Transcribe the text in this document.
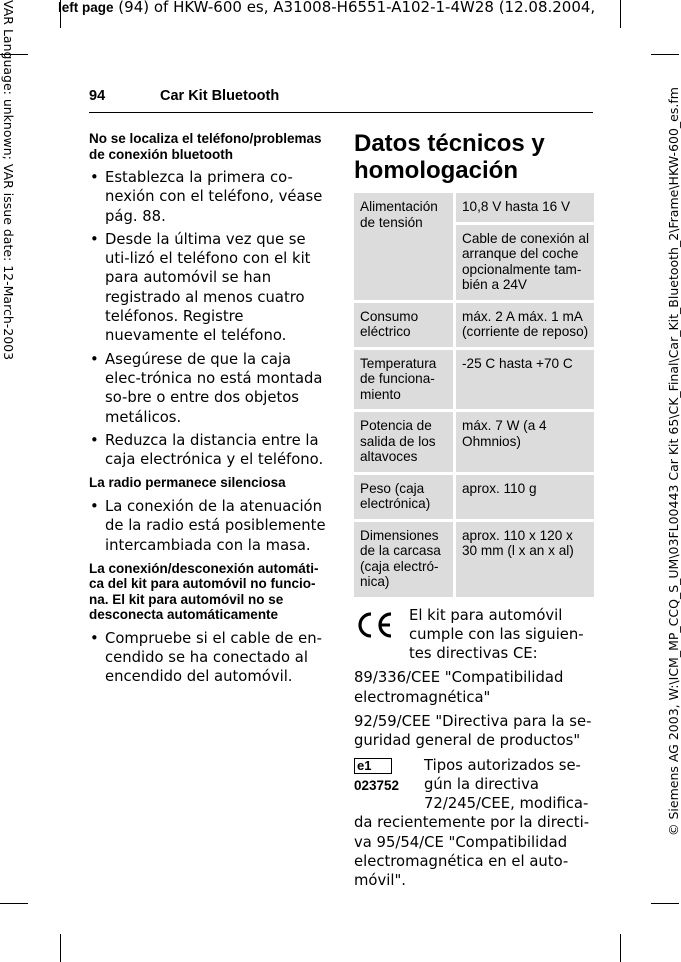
left page (94) of HKW-600 es, A31008-H6551-A102-1-4W28 (12.08.2004,
VAR Language: unknown; VAR issue date: 12-March-2003	© Siemens AG 2003, W:\ICM_MP_CCQ_S_UM\03FL00443 Car Kit 65\CK_Final\Car_Kit_Bluetooth_2\Frame\HKW-600_es.fm
94	Car Kit Bluetooth
No se localiza el teléfono/problemas de conexión bluetooth
• Establezca la primera co-nexión con el teléfono, véase pág. 88.
• Desde la última vez que se uti-lizó el teléfono con el kit para automóvil se han registrado al menos cuatro teléfonos. Registre nuevamente el teléfono.
• Asegúrese de que la caja elec-trónica no está montada so-bre o entre dos objetos metálicos.
• Reduzca la distancia entre la caja electrónica y el teléfono.
La radio permanece silenciosa
• La conexión de la atenuación de la radio está posiblemente intercambiada con la masa.
La conexión/desconexión automáti-ca del kit para automóvil no funcio-na. El kit para automóvil no se desconecta automáticamente
• Compruebe si el cable de en-cendido se ha conectado al encendido del automóvil.
Datos técnicos y homologación
Alimentación de tensión	10,8 V hasta 16 V
	Cable de conexión al arranque del coche opcionalmente tam-bién a 24V
Consumo eléctrico	máx. 2 A máx. 1 mA (corriente de reposo)
Temperatura de funciona-miento	-25 C hasta +70 C
Potencia de salida de los altavoces	máx. 7 W (a 4 Ohmnios)
Peso (caja electrónica)	aprox. 110 g
Dimensiones de la carcasa (caja electró-nica)	aprox. 110 x 120 x 30 mm (l x an x al)
El kit para automóvil cumple con las siguien-tes directivas CE:
89/336/CEE "Compatibilidad electromagnética"
92/59/CEE "Directiva para la se-guridad general de productos"
e1
023752
Tipos autorizados se-gún la directiva 72/245/CEE, modifica-da recientemente por la directi-va 95/54/CE "Compatibilidad electromagnética en el auto-móvil".
